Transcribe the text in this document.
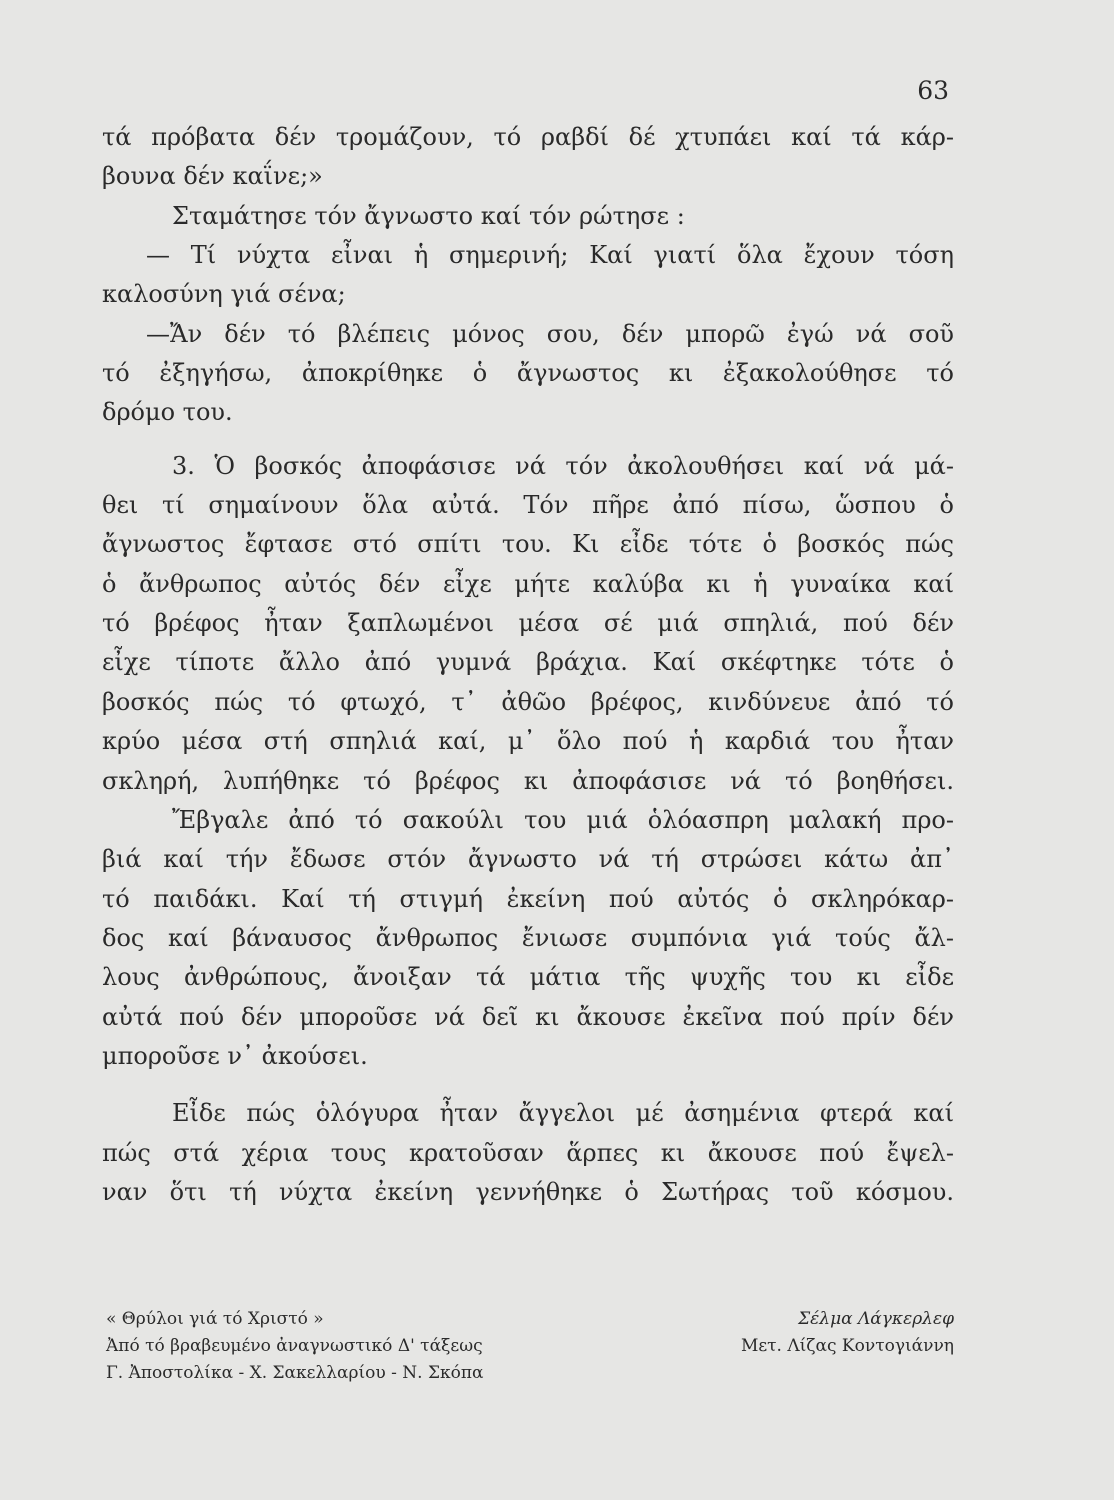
63
τά πρόβατα δέν τρομάζουν, τό ραβδί δέ χτυπάει καί τά κάρ-
βουνα δέν καΐνε;»
Σταμάτησε τόν ἄγνωστο καί τόν ρώτησε :
— Τί νύχτα εἶναι ἡ σημερινή; Καί γιατί ὅλα ἔχουν τόση
καλοσύνη γιά σένα;
—Ἄν δέν τό βλέπεις μόνος σου, δέν μπορῶ ἐγώ νά σοῦ
τό ἐξηγήσω, ἀποκρίθηκε ὁ ἄγνωστος κι ἐξακολούθησε τό
δρόμο του.
3. Ὁ βοσκός ἀποφάσισε νά τόν ἀκολουθήσει καί νά μά-
θει τί σημαίνουν ὅλα αὐτά. Τόν πῆρε ἀπό πίσω, ὥσπου ὁ
ἄγνωστος ἔφτασε στό σπίτι του. Κι εἶδε τότε ὁ βοσκός πώς
ὁ ἄνθρωπος αὐτός δέν εἶχε μήτε καλύβα κι ἡ γυναίκα καί
τό βρέφος ἦταν ξαπλωμένοι μέσα σέ μιά σπηλιά, πού δέν
εἶχε τίποτε ἄλλο ἀπό γυμνά βράχια. Καί σκέφτηκε τότε ὁ
βοσκός πώς τό φτωχό, τ᾿ ἀθῶο βρέφος, κινδύνευε ἀπό τό
κρύο μέσα στή σπηλιά καί, μ᾿ ὅλο πού ἡ καρδιά του ἦταν
σκληρή, λυπήθηκε τό βρέφος κι ἀποφάσισε νά τό βοηθήσει.
Ἔβγαλε ἀπό τό σακούλι του μιά ὁλόασπρη μαλακή προ-
βιά καί τήν ἔδωσε στόν ἄγνωστο νά τή στρώσει κάτω ἀπ᾿
τό παιδάκι. Καί τή στιγμή ἐκείνη πού αὐτός ὁ σκληρόκαρ-
δος καί βάναυσος ἄνθρωπος ἔνιωσε συμπόνια γιά τούς ἄλ-
λους ἀνθρώπους, ἄνοιξαν τά μάτια τῆς ψυχῆς του κι εἶδε
αὐτά πού δέν μποροῦσε νά δεῖ κι ἄκουσε ἐκεῖνα πού πρίν δέν
μποροῦσε ν᾿ ἀκούσει.
Εἶδε πώς ὁλόγυρα ἦταν ἄγγελοι μέ ἀσημένια φτερά καί
πώς στά χέρια τους κρατοῦσαν ἅρπες κι ἄκουσε πού ἔψελ-
ναν ὅτι τή νύχτα ἐκείνη γεννήθηκε ὁ Σωτήρας τοῦ κόσμου.
« Θρύλοι γιά τό Χριστό »
Ἀπό τό βραβευμένο ἀναγνωστικό Δ' τάξεως
Γ. Ἀποστολίκα - Χ. Σακελλαρίου - Ν. Σκόπα
Σέλμα Λάγκερλεφ
Μετ. Λίζας Κοντογιάννη
